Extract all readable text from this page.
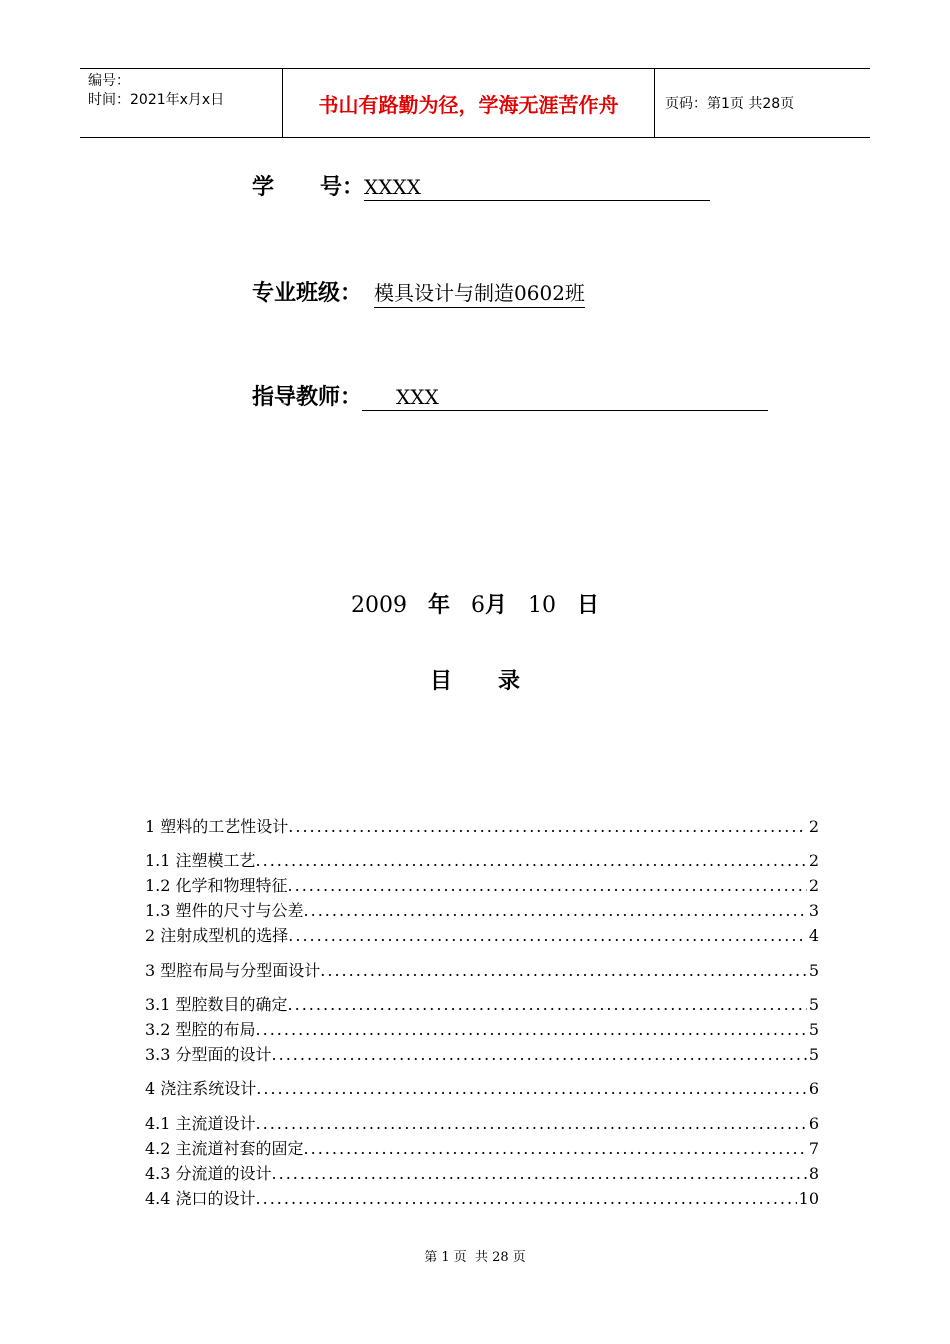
编号：
时间：2021年x月x日	书山有路勤为径，学海无涯苦作舟	页码：第1页 共28页
学      号：XXXX
专业班级： 模具设计与制造0602班
指导教师： XXX
2009 年 6月 10 日
目      录
1 塑料的工艺性设计 .....	2
1.1 注塑模工艺 .....	2
1.2 化学和物理特征 .....	2
1.3 塑件的尺寸与公差 .....	3
2 注射成型机的选择 .....	4
3 型腔布局与分型面设计 .....	5
3.1 型腔数目的确定 .....	5
3.2 型腔的布局 .....	5
3.3 分型面的设计 .....	5
4 浇注系统设计 .....	6
4.1 主流道设计 .....	6
4.2 主流道衬套的固定 .....	7
4.3 分流道的设计 .....	8
4.4 浇口的设计 .....	10
第 1 页  共 28 页
